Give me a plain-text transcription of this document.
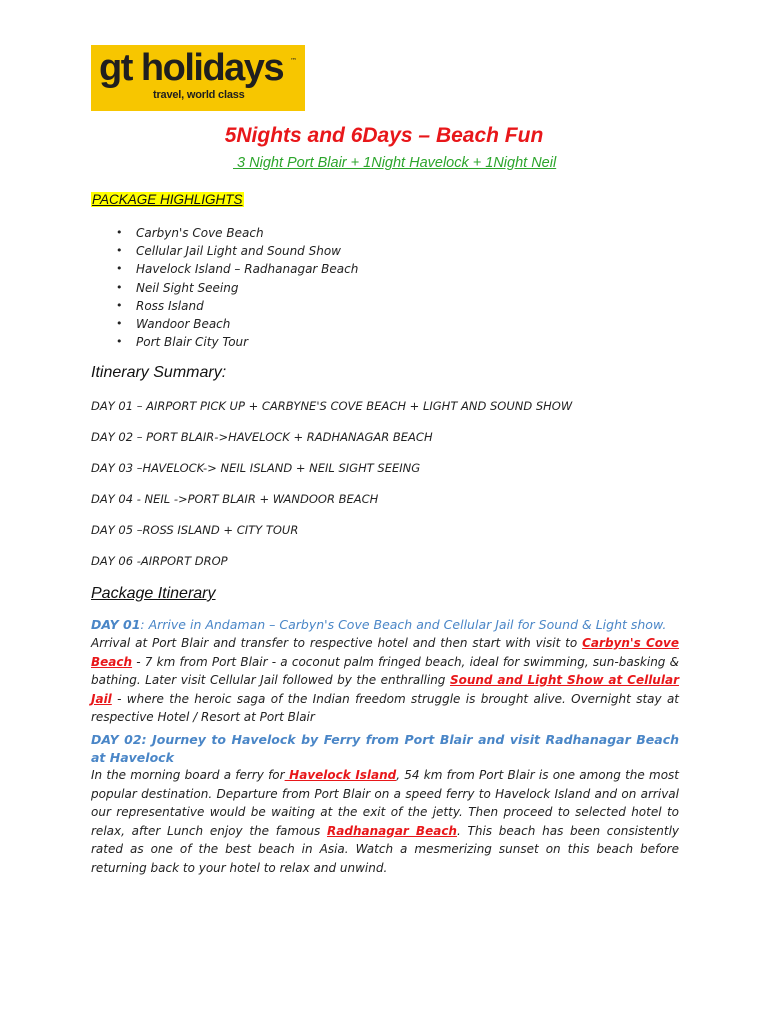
gt holidays ™
travel, world class
5Nights and 6Days – Beach Fun
3 Night Port Blair + 1Night Havelock + 1Night Neil
PACKAGE HIGHLIGHTS
• Carbyn's Cove Beach
• Cellular Jail Light and Sound Show
• Havelock Island – Radhanagar Beach
• Neil Sight Seeing
• Ross Island
• Wandoor Beach
• Port Blair City Tour
Itinerary Summary:
DAY 01 – AIRPORT PICK UP + CARBYNE'S COVE BEACH + LIGHT AND SOUND SHOW
DAY 02 – PORT BLAIR->HAVELOCK + RADHANAGAR BEACH
DAY 03 –HAVELOCK-> NEIL ISLAND + NEIL SIGHT SEEING
DAY 04 - NEIL ->PORT BLAIR + WANDOOR BEACH
DAY 05 –ROSS ISLAND + CITY TOUR
DAY 06 -AIRPORT DROP
Package Itinerary
DAY 01: Arrive in Andaman – Carbyn's Cove Beach and Cellular Jail for Sound & Light show.
Arrival at Port Blair and transfer to respective hotel and then start with visit to Carbyn's Cove Beach - 7 km from Port Blair - a coconut palm fringed beach, ideal for swimming, sun-basking & bathing. Later visit Cellular Jail followed by the enthralling Sound and Light Show at Cellular Jail - where the heroic saga of the Indian freedom struggle is brought alive. Overnight stay at respective Hotel / Resort at Port Blair
DAY 02: Journey to Havelock by Ferry from Port Blair and visit Radhanagar Beach at Havelock
In the morning board a ferry for Havelock Island, 54 km from Port Blair is one among the most popular destination. Departure from Port Blair on a speed ferry to Havelock Island and on arrival our representative would be waiting at the exit of the jetty. Then proceed to selected hotel to relax, after Lunch enjoy the famous Radhanagar Beach. This beach has been consistently rated as one of the best beach in Asia. Watch a mesmerizing sunset on this beach before returning back to your hotel to relax and unwind.
